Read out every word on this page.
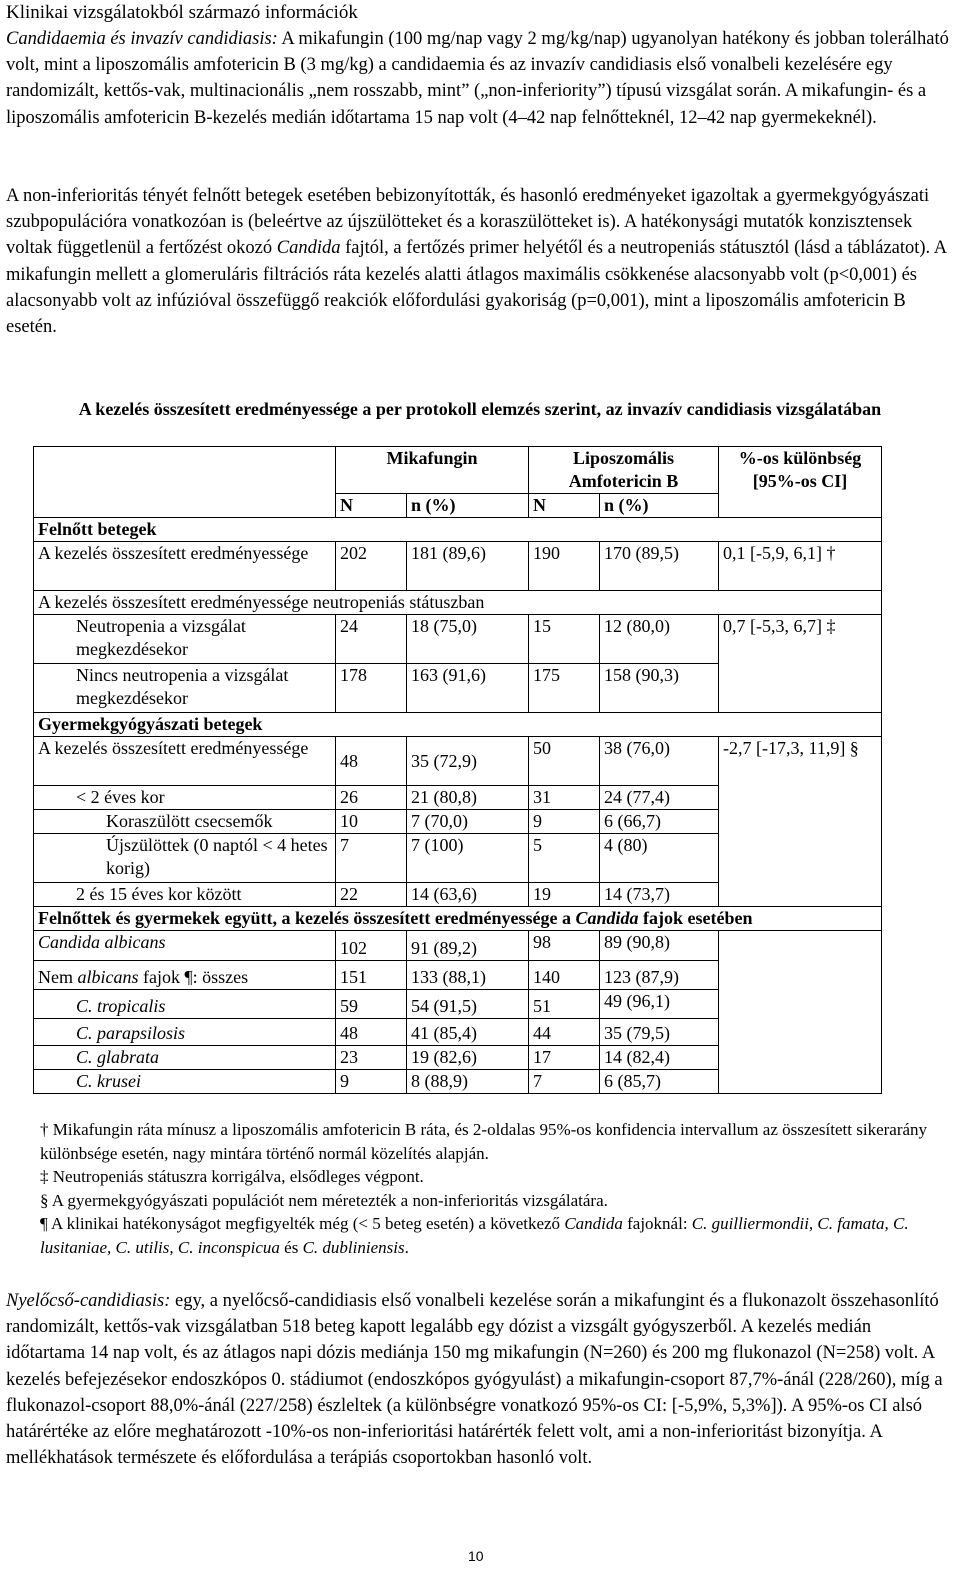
Klinikai vizsgálatokból származó információk

Candidaemia és invazív candidiasis: A mikafungin (100 mg/nap vagy 2 mg/kg/nap) ugyanolyan hatékony és jobban tolerálható volt, mint a liposzomális amfotericin B (3 mg/kg) a candidaemia és az invazív candidiasis első vonalbeli kezelésére egy randomizált, kettős-vak, multinacionális „nem rosszabb, mint” („non-inferiority”) típusú vizsgálat során. A mikafungin- és a liposzomális amfotericin B-kezelés medián időtartama 15 nap volt (4‒42 nap felnőtteknél, 12‒42 nap gyermekeknél).

A non-inferioritás tényét felnőtt betegek esetében bebizonyították, és hasonló eredményeket igazoltak a gyermekgyógyászati szubpopulációra vonatkozóan is (beleértve az újszülötteket és a koraszülötteket is). A hatékonysági mutatók konzisztensek voltak függetlenül a fertőzést okozó Candida fajtól, a fertőzés primer helyétől és a neutropeniás státusztól (lásd a táblázatot). A mikafungin mellett a glomeruláris filtrációs ráta kezelés alatti átlagos maximális csökkenése alacsonyabb volt (p<0,001) és alacsonyabb volt az infúzióval összefüggő reakciók előfordulási gyakoriság (p=0,001), mint a liposzomális amfotericin B esetén.

A kezelés összesített eredményessége a per protokoll elemzés szerint, az invazív candidiasis vizsgálatában
	Mikafungin		Liposzomális Amfotericin B		%-os különbség [95%-os CI]
	N	n (%)	N	n (%)	
Felnőtt betegek					
A kezelés összesített eredményessége	202	181 (89,6)	190	170 (89,5)	0,1 [-5,9, 6,1] †
A kezelés összesített eredményessége neutropeniás státuszban					
Neutropenia a vizsgálat megkezdésekor	24	18 (75,0)	15	12 (80,0)	0,7 [-5,3, 6,7] ‡
Nincs neutropenia a vizsgálat megkezdésekor	178	163 (91,6)	175	158 (90,3)	
Gyermekgyógyászati betegek					

A kezelés összesített eredményessége	48	35 (72,9)	50	38 (76,0)	-2,7 [-17,3, 11,9] §
< 2 éves kor	26	21 (80,8)	31	24 (77,4)	
Koraszülött csecsemők	10	7 (70,0)	9	6 (66,7)	
Újszülöttek (0 naptól < 4 hetes korig)	7	7 (100)	5	4 (80)	
2 és 15 éves kor között	22	14 (63,6)	19	14 (73,7)	
Felnőttek és gyermekek együtt, a kezelés összesített eredményessége a Candida fajok esetében					
Candida albicans	102	91 (89,2)	98	89 (90,8)	
Nem albicans fajok ¶: összes	151	133 (88,1)	140	123 (87,9)	
C. tropicalis	59	54 (91,5)	51	49 (96,1)	
C. parapsilosis	48	41 (85,4)	44	35 (79,5)	
C. glabrata	23	19 (82,6)	17	14 (82,4)	
C. krusei	9	8 (88,9)	7	6 (85,7)	
† Mikafungin ráta mínusz a liposzomális amfotericin B ráta, és 2-oldalas 95%-os konfidencia intervallum az összesített sikerarány különbsége esetén, nagy mintára történő normál közelítés alapján.
‡ Neutropeniás státuszra korrigálva, elsődleges végpont.
§ A gyermekgyógyászati populációt nem méretezték a non-inferioritás vizsgálatára.
¶ A klinikai hatékonyságot megfigyelték még (< 5 beteg esetén) a következő Candida fajoknál: C. guilliermondii, C. famata, C. lusitaniae, C. utilis, C. inconspicua és C. dubliniensis.

Nyelőcső-candidiasis: egy, a nyelőcső-candidiasis első vonalbeli kezelése során a mikafungint és a flukonazolt összehasonlító randomizált, kettős-vak vizsgálatban 518 beteg kapott legalább egy dózist a vizsgált gyógyszerből. A kezelés medián időtartama 14 nap volt, és az átlagos napi dózis mediánja 150 mg mikafungin (N=260) és 200 mg flukonazol (N=258) volt. A kezelés befejezésekor endoszkópos 0. stádiumot (endoszkópos gyógyulást) a mikafungin-csoport 87,7%-ánál (228/260), míg a flukonazol-csoport 88,0%-ánál (227/258) észleltek (a különbségre vonatkozó 95%-os CI: [-5,9%, 5,3%]). A 95%-os CI alsó határértéke az előre meghatározott -10%-os non-inferioritási határérték felett volt, ami a non-inferioritást bizonyítja. A mellékhatások természete és előfordulása a terápiás csoportokban hasonló volt.

10
